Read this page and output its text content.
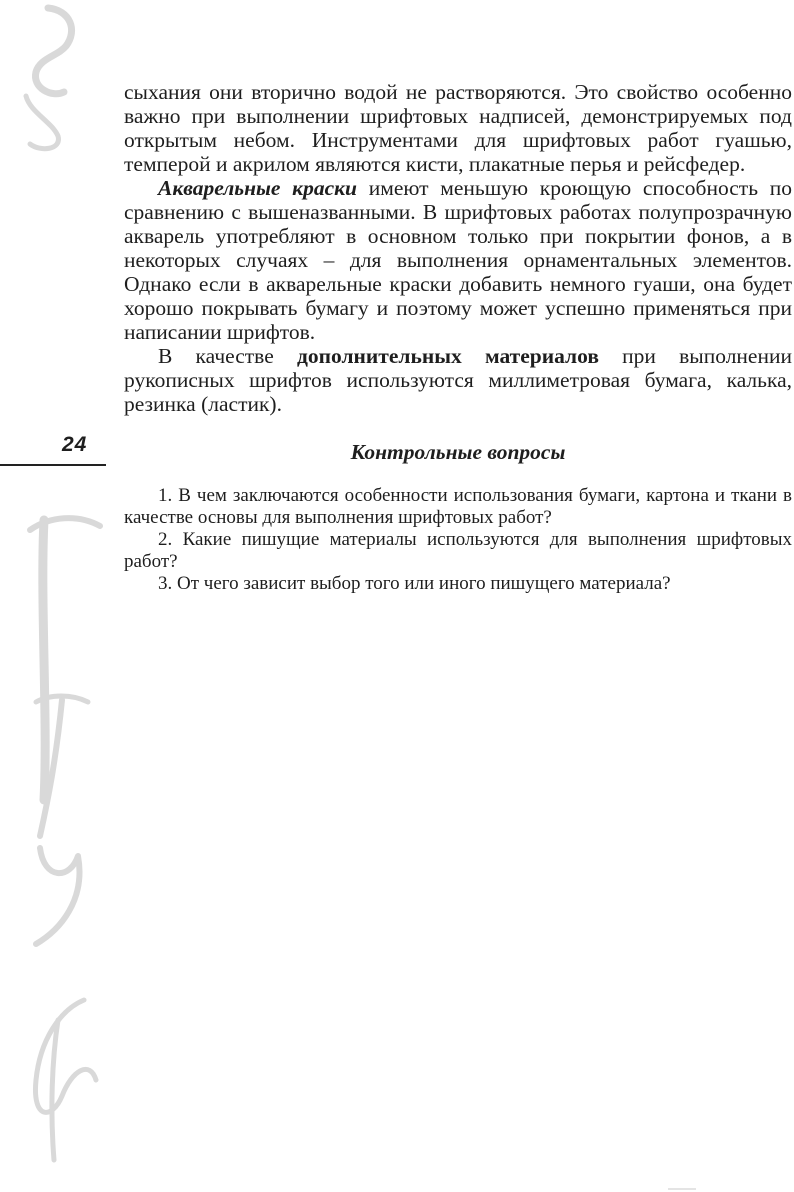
сыхания они вторично водой не растворяются. Это свойство особенно важно при выполнении шрифтовых надписей, демонстрируемых под открытым небом. Инструментами для шрифтовых работ гуашью, темперой и акрилом являются кисти, плакатные перья и рейсфедер.

Акварельные краски имеют меньшую кроющую способность по сравнению с вышеназванными. В шрифтовых работах полупрозрачную акварель употребляют в основном только при покрытии фонов, а в некоторых случаях – для выполнения орнаментальных элементов. Однако если в акварельные краски добавить немного гуаши, она будет хорошо покрывать бумагу и поэтому может успешно применяться при написании шрифтов.

В качестве дополнительных материалов при выполнении рукописных шрифтов используются миллиметровая бумага, калька, резинка (ластик).

24	Контрольные вопросы

1. В чем заключаются особенности использования бумаги, картона и ткани в качестве основы для выполнения шрифтовых работ?

2. Какие пишущие материалы используются для выполнения шрифтовых работ?

3. От чего зависит выбор того или иного пишущего материала?
